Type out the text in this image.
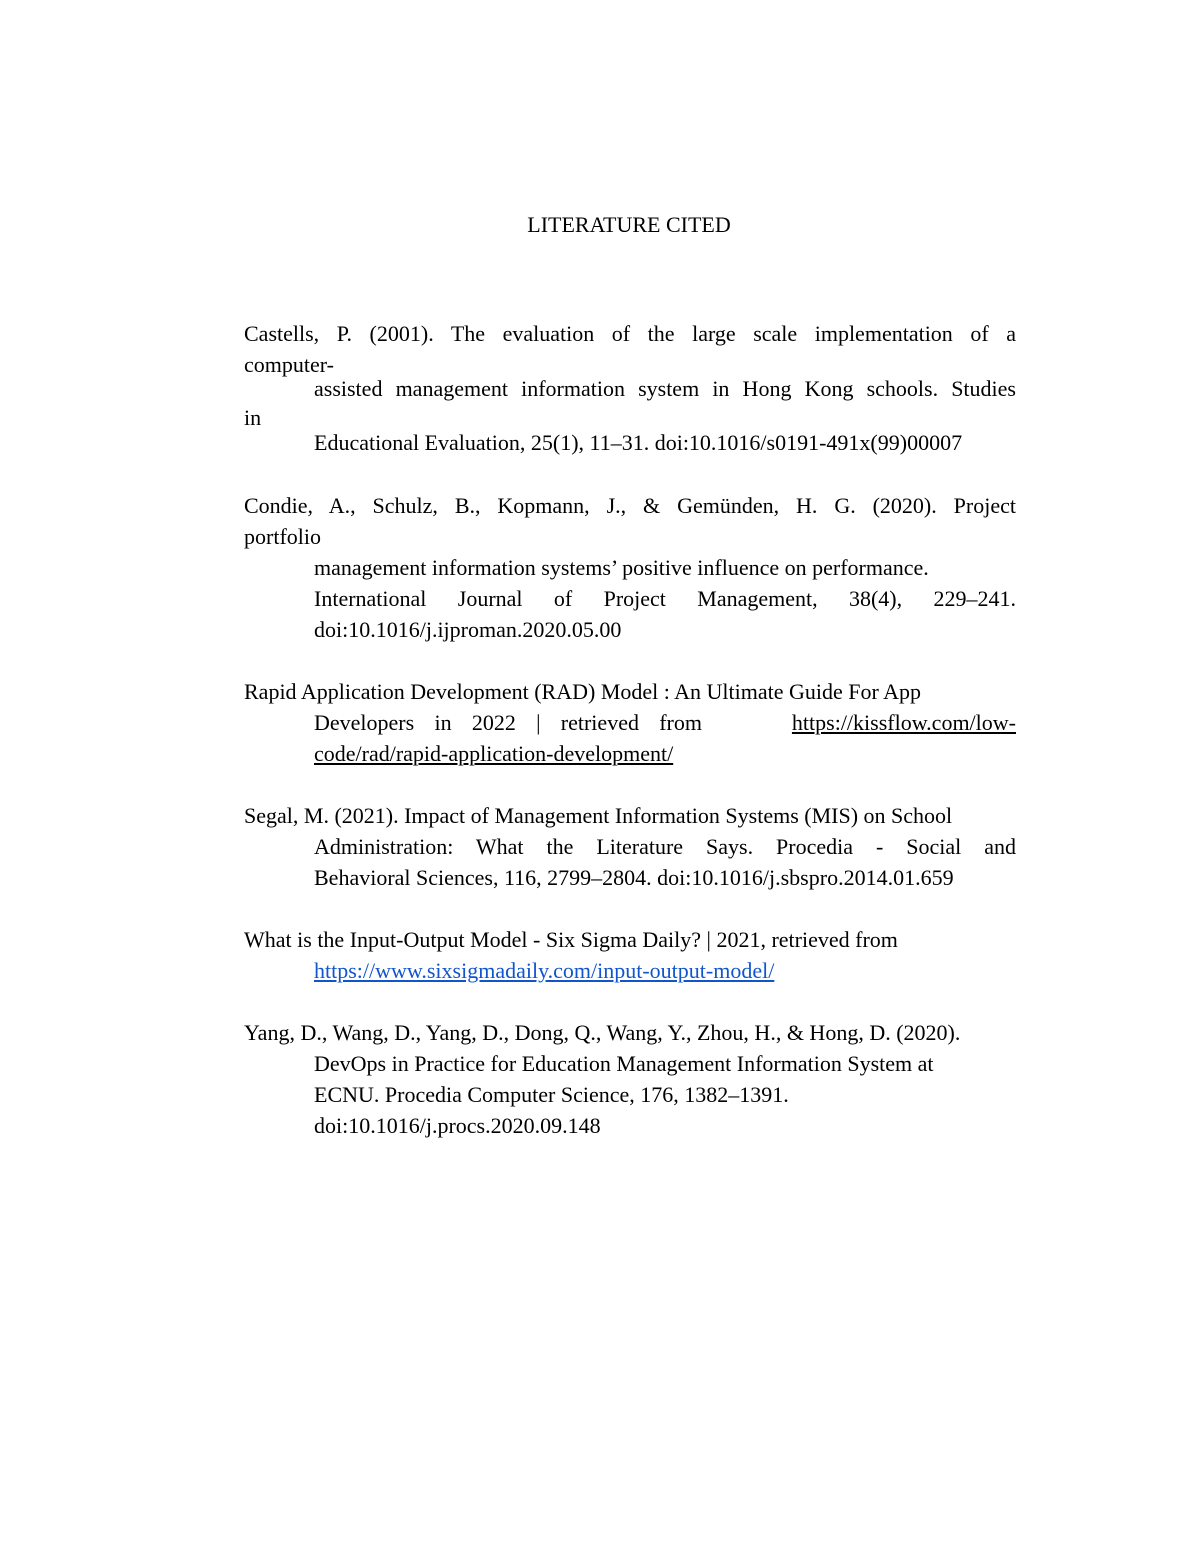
LITERATURE CITED
Castells, P. (2001). The evaluation of the large scale implementation of a
computer-
assisted management information system in Hong Kong schools. Studies
in
Educational Evaluation, 25(1), 11–31. doi:10.1016/s0191-491x(99)00007
Condie, A., Schulz, B., Kopmann, J., & Gemünden, H. G. (2020). Project
portfolio
management information systems’ positive influence on performance.
International Journal of Project Management, 38(4), 229–241.
doi:10.1016/j.ijproman.2020.05.00
Rapid Application Development (RAD) Model : An Ultimate Guide For App
Developers in 2022 | retrieved from	https://kissflow.com/low-
code/rad/rapid-application-development/
Segal, M. (2021). Impact of Management Information Systems (MIS) on School
Administration: What the Literature Says. Procedia - Social and
Behavioral Sciences, 116, 2799–2804. doi:10.1016/j.sbspro.2014.01.659
What is the Input-Output Model - Six Sigma Daily? | 2021, retrieved from
https://www.sixsigmadaily.com/input-output-model/
Yang, D., Wang, D., Yang, D., Dong, Q., Wang, Y., Zhou, H., & Hong, D. (2020).
DevOps in Practice for Education Management Information System at
ECNU. Procedia Computer Science, 176, 1382–1391.
doi:10.1016/j.procs.2020.09.148
